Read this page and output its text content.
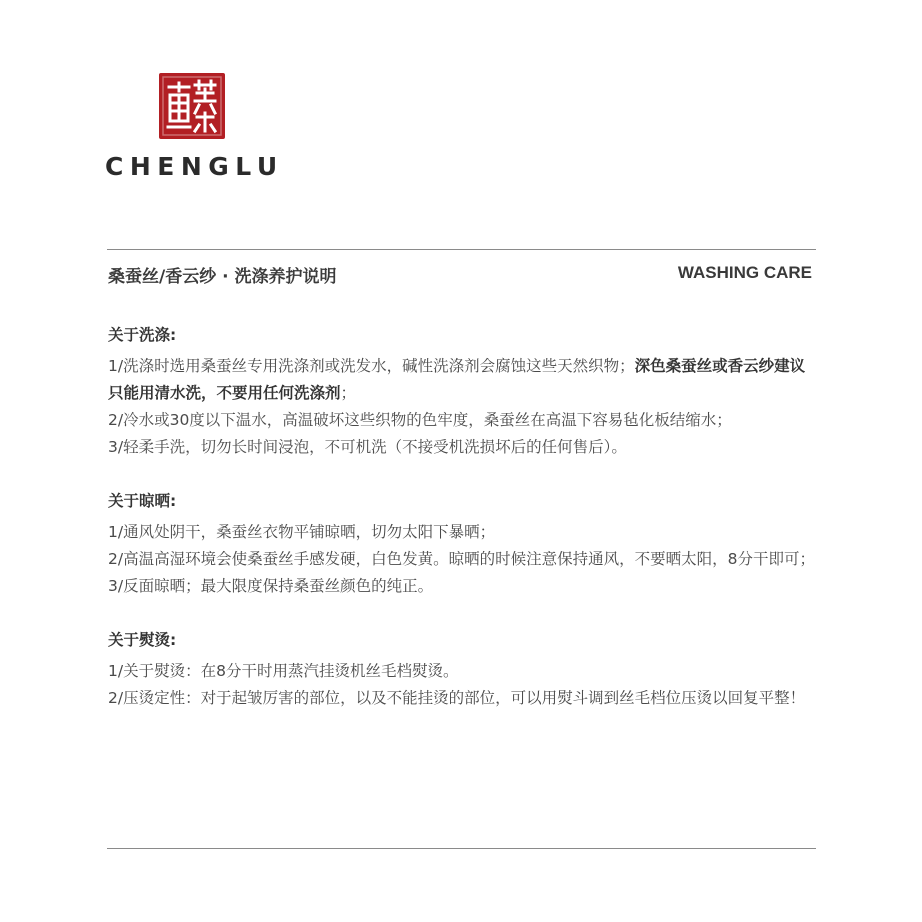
CHENGLU
桑蚕丝/香云纱 · 洗涤养护说明	WASHING CARE
关于洗涤:

1/洗涤时选用桑蚕丝专用洗涤剂或洗发水，碱性洗涤剂会腐蚀这些天然织物；深色桑蚕丝或香云纱建议只能用清水洗，不要用任何洗涤剂；

2/冷水或30度以下温水，高温破坏这些织物的色牢度，桑蚕丝在高温下容易毡化板结缩水；

3/轻柔手洗，切勿长时间浸泡，不可机洗（不接受机洗损坏后的任何售后）。

关于晾晒:

1/通风处阴干，桑蚕丝衣物平铺晾晒，切勿太阳下暴晒；

2/高温高湿环境会使桑蚕丝手感发硬，白色发黄。晾晒的时候注意保持通风，不要晒太阳，8分干即可；

3/反面晾晒；最大限度保持桑蚕丝颜色的纯正。

关于熨烫:

1/关于熨烫：在8分干时用蒸汽挂烫机丝毛档熨烫。

2/压烫定性：对于起皱厉害的部位，以及不能挂烫的部位，可以用熨斗调到丝毛档位压烫以回复平整！
